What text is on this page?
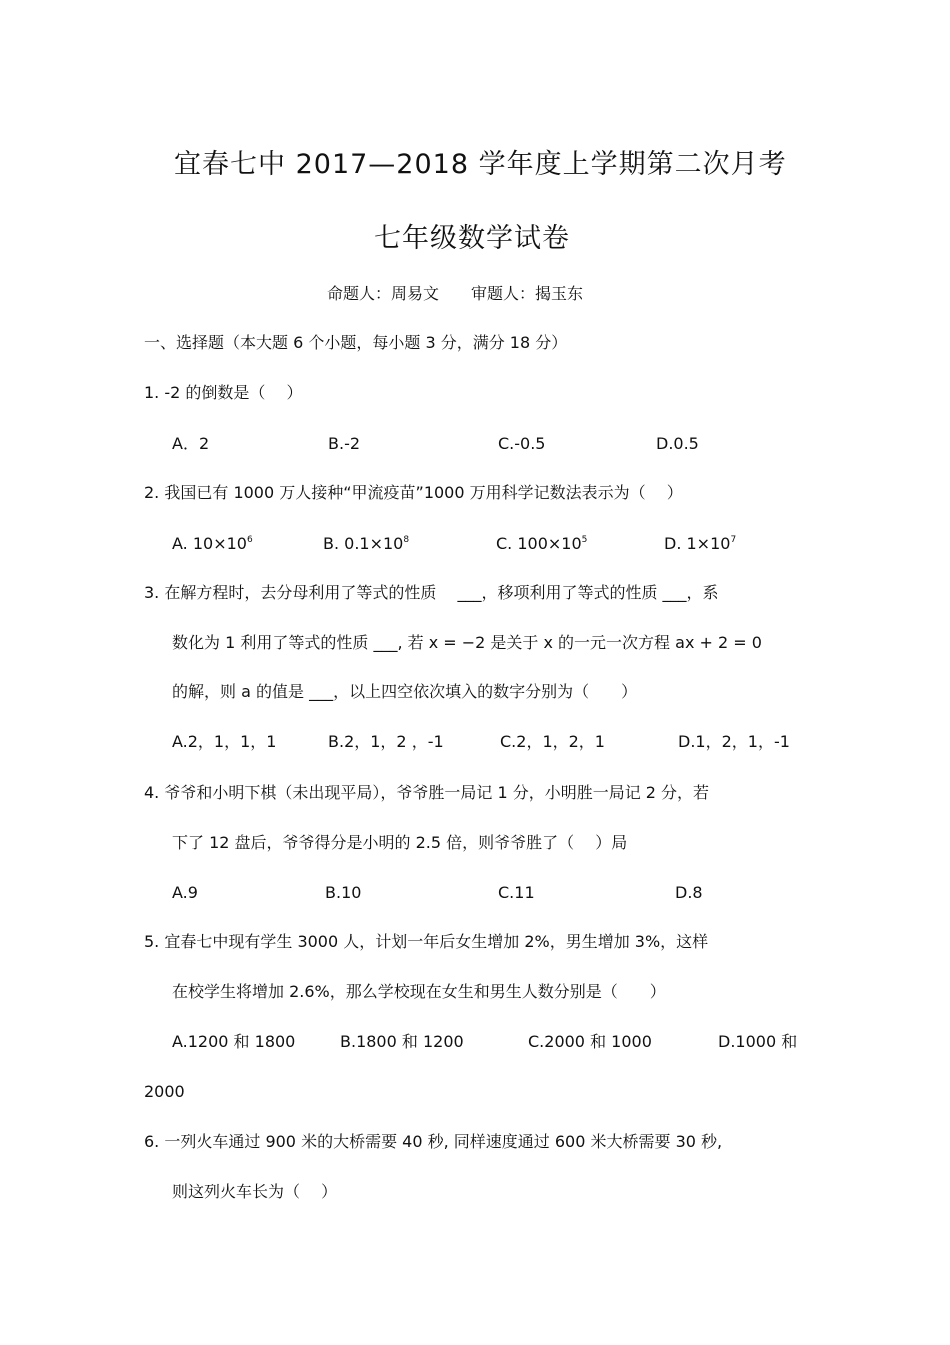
宜春七中 2017—2018 学年度上学期第二次月考
七年级数学试卷
命题人：周易文　　审题人：揭玉东
一、选择题（本大题 6 个小题，每小题 3 分，满分 18 分）
1. -2 的倒数是（　 ）
A．2	B.-2	C.-0.5	D.0.5
2. 我国已有 1000 万人接种“甲流疫苗”1000 万用科学记数法表示为（　 ）
A. $10\times 10^6$	B. $0.1\times 10^8$	C. $100\times 10^5$	D. $1\times 10^7$
3. 在解方程时，去分母利用了等式的性质　 ___，移项利用了等式的性质 ___，系
数化为 1 利用了等式的性质 ___, 若 x = −2 是关于 x 的一元一次方程 ax + 2 = 0
的解，则 a 的值是 ___，以上四空依次填入的数字分别为（　　）
A.2，1，1，1	B.2，1，2 ，-1	C.2，1，2，1	D.1，2，1，-1
4. 爷爷和小明下棋（未出现平局），爷爷胜一局记 1 分，小明胜一局记 2 分，若
下了 12 盘后，爷爷得分是小明的 2.5 倍，则爷爷胜了（　 ）局
A.9	B.10	C.11	D.8
5. 宜春七中现有学生 3000 人，计划一年后女生增加 2%，男生增加 3%，这样
在校学生将增加 2.6%，那么学校现在女生和男生人数分别是（　　）
A.1200 和 1800	B.1800 和 1200	C.2000 和 1000	D.1000 和
2000
6. 一列火车通过 900 米的大桥需要 40 秒, 同样速度通过 600 米大桥需要 30 秒,
则这列火车长为（　 ）
